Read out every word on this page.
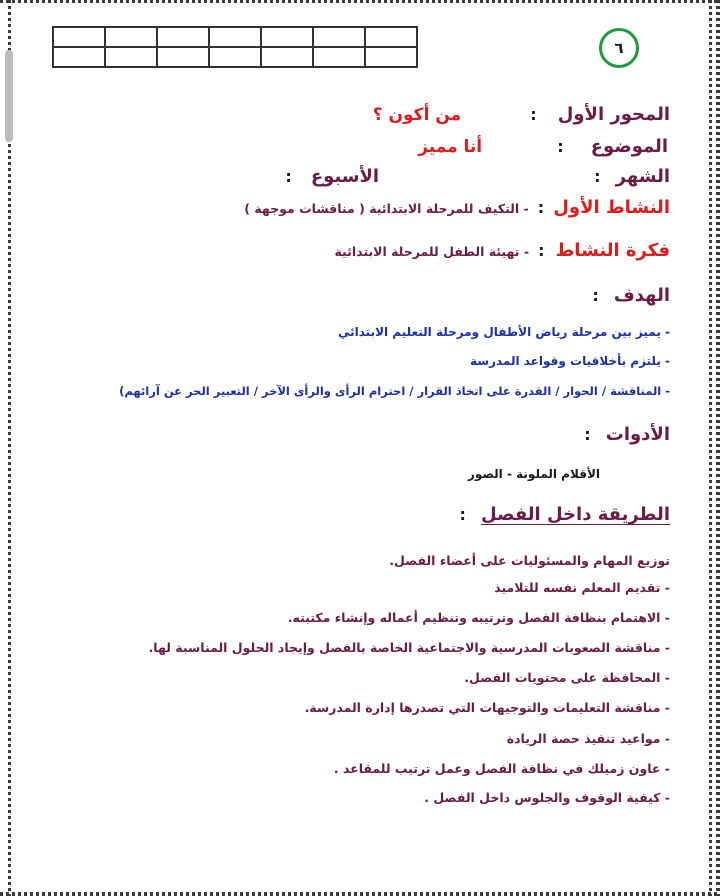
٦
المحور الأول : من أكون ؟
الموضوع : أنا مميز
الشهر : الأسبوع :
النشاط الأول : - التكيف للمرحلة الابتدائية ( مناقشات موجهة )
فكرة النشاط : - تهيئة الطفل للمرحلة الابتدائية
الهدف :
- يميز بين مرحلة رياض الأطفال ومرحلة التعليم الابتدائي
- يلتزم بأخلاقيات وقواعد المدرسة
- المناقشة / الحوار / القدرة على اتخاذ القرار / احترام الرأى والرأى الآخر / التعبير الحر عن آرائهم)
الأدوات :
الأقلام الملونة - الصور
الطريقة داخل الفصل :
توزيع المهام والمسئوليات على أعضاء الفصل.
- تقديم المعلم نفسه للتلاميذ
- الاهتمام بنظافة الفصل وترتيبه وتنظيم أعماله وإنشاء مكتبته.
- مناقشة الصعوبات المدرسية والاجتماعية الخاصة بالفصل وإيجاد الحلول المناسبة لها.
- المحافظة على محتويات الفصل.
- مناقشة التعليمات والتوجيهات التي تصدرها إدارة المدرسة.
- مواعيد تنفيذ حصة الريادة
- عاون زميلك في نظافة الفصل وعمل ترتيب للمقاعد .
- كيفية الوقوف والجلوس داخل الفصل .
